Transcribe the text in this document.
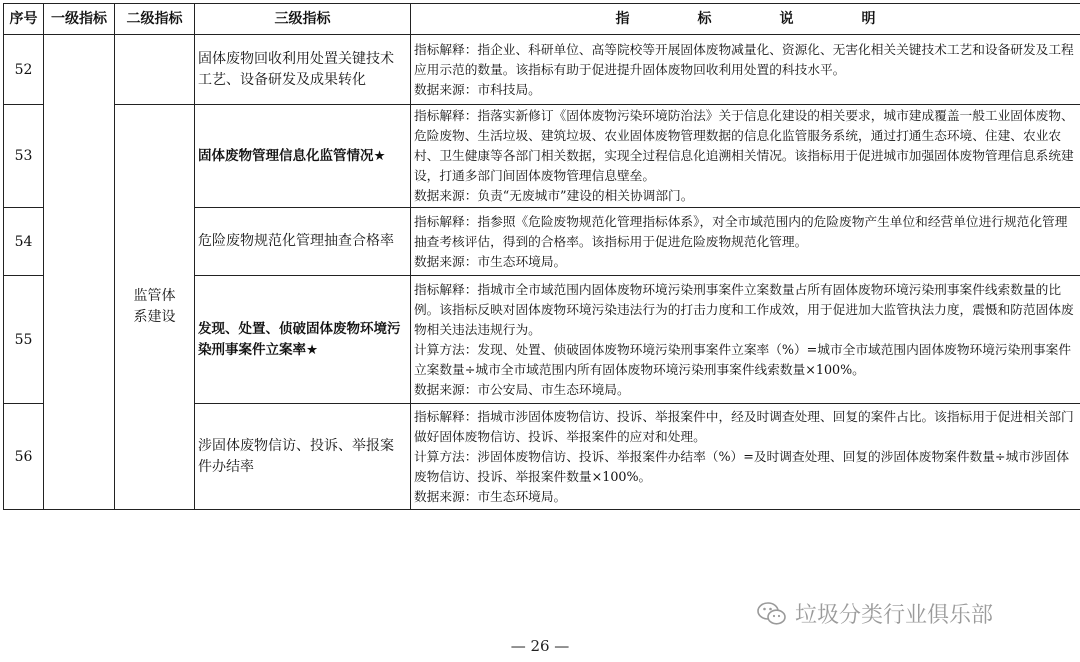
序号	一级指标	二级指标	三级指标	指 标 说 明
52			固体废物回收利用处置关键技术工艺、设备研发及成果转化	指标解释：指企业、科研单位、高等院校等开展固体废物减量化、资源化、无害化相关关键技术工艺和设备研发及工程应用示范的数量。该指标有助于促进提升固体废物回收利用处置的科技水平。

数据来源：市科技局。

53		监管体系建设	固体废物管理信息化监管情况★	指标解释：指落实新修订《固体废物污染环境防治法》关于信息化建设的相关要求，城市建成覆盖一般工业固体废物、危险废物、生活垃圾、建筑垃圾、农业固体废物管理数据的信息化监管服务系统，通过打通生态环境、住建、农业农村、卫生健康等各部门相关数据，实现全过程信息化追溯相关情况。该指标用于促进城市加强固体废物管理信息系统建设，打通多部门间固体废物管理信息壁垒。

数据来源：负责“无废城市”建设的相关协调部门。

54			危险废物规范化管理抽查合格率	指标解释：指参照《危险废物规范化管理指标体系》，对全市域范围内的危险废物产生单位和经营单位进行规范化管理抽查考核评估，得到的合格率。该指标用于促进危险废物规范化管理。

数据来源：市生态环境局。

55			发现、处置、侦破固体废物环境污染刑事案件立案率★	指标解释：指城市全市域范围内固体废物环境污染刑事案件立案数量占所有固体废物环境污染刑事案件线索数量的比例。该指标反映对固体废物环境污染违法行为的打击力度和工作成效，用于促进加大监管执法力度，震慑和防范固体废物相关违法违规行为。

计算方法：发现、处置、侦破固体废物环境污染刑事案件立案率（%）=城市全市域范围内固体废物环境污染刑事案件立案数量÷城市全市域范围内所有固体废物环境污染刑事案件线索数量×100%。

数据来源：市公安局、市生态环境局。

56			涉固体废物信访、投诉、举报案件办结率	指标解释：指城市涉固体废物信访、投诉、举报案件中，经及时调查处理、回复的案件占比。该指标用于促进相关部门做好固体废物信访、投诉、举报案件的应对和处理。

计算方法：涉固体废物信访、投诉、举报案件办结率（%）=及时调查处理、回复的涉固体废物案件数量÷城市涉固体废物信访、投诉、举报案件数量×100%。

数据来源：市生态环境局。

垃圾分类行业俱乐部
— 26 —
